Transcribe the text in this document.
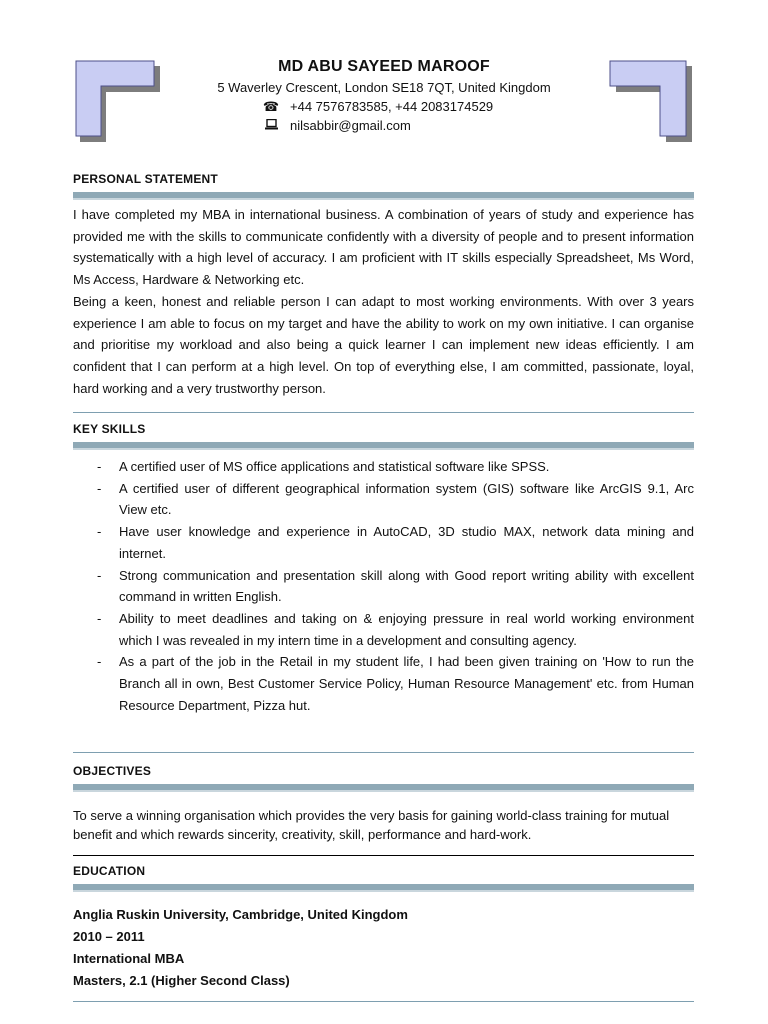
MD ABU SAYEED MAROOF
5 Waverley Crescent, London SE18 7QT, United Kingdom
☎ +44 7576783585, +44 2083174529
nilsabbir@gmail.com
PERSONAL STATEMENT

I have completed my MBA in international business. A combination of years of study and experience has provided me with the skills to communicate confidently with a diversity of people and to present information systematically with a high level of accuracy. I am proficient with IT skills especially Spreadsheet, Ms Word, Ms Access, Hardware & Networking etc.

Being a keen, honest and reliable person I can adapt to most working environments. With over 3 years experience I am able to focus on my target and have the ability to work on my own initiative. I can organise and prioritise my workload and also being a quick learner I can implement new ideas efficiently. I am confident that I can perform at a high level. On top of everything else, I am committed, passionate, loyal, hard working and a very trustworthy person.

KEY SKILLS
- A certified user of MS office applications and statistical software like SPSS.
- A certified user of different geographical information system (GIS) software like ArcGIS 9.1, Arc View etc.
- Have user knowledge and experience in AutoCAD, 3D studio MAX, network data mining and internet.
- Strong communication and presentation skill along with Good report writing ability with excellent command in written English.
- Ability to meet deadlines and taking on & enjoying pressure in real world working environment which I was revealed in my intern time in a development and consulting agency.
- As a part of the job in the Retail in my student life, I had been given training on 'How to run the Branch all in own, Best Customer Service Policy, Human Resource Management' etc. from Human Resource Department, Pizza hut.
OBJECTIVES
To serve a winning organisation which provides the very basis for gaining world-class training for mutual benefit and which rewards sincerity, creativity, skill, performance and hard-work.
EDUCATION
Anglia Ruskin University, Cambridge, United Kingdom
2010 – 2011
International MBA
Masters, 2.1 (Higher Second Class)
